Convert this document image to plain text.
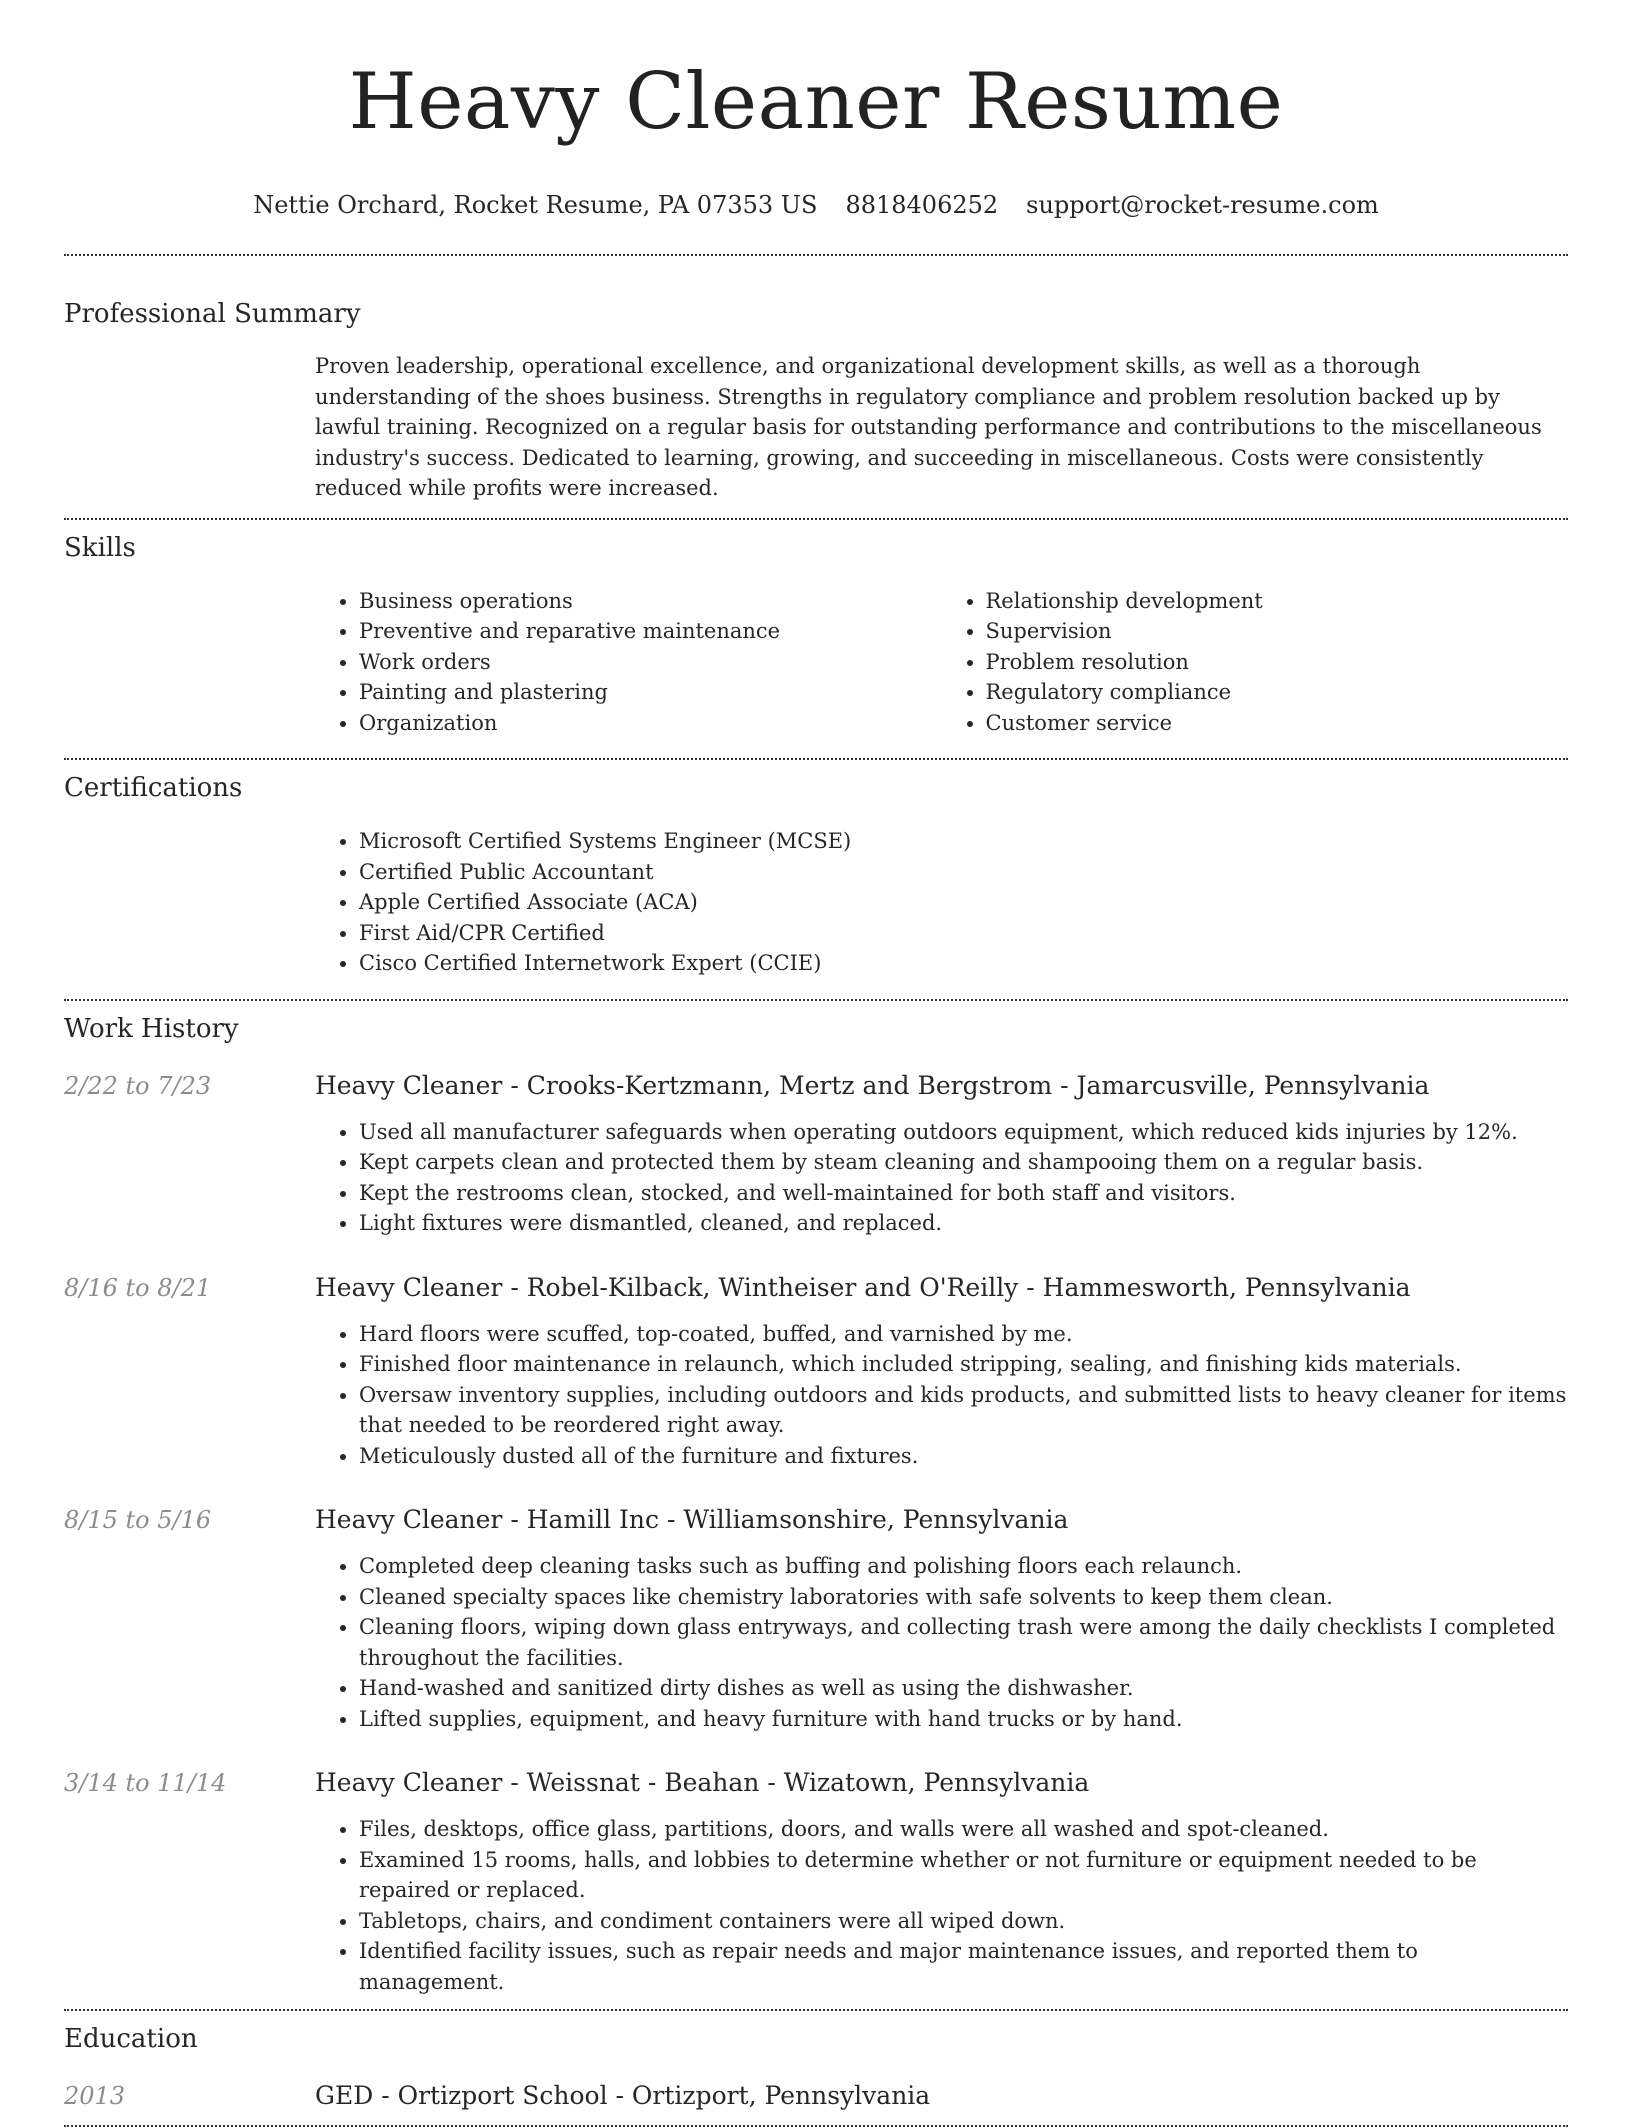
Heavy Cleaner Resume
Nettie Orchard, Rocket Resume, PA 07353 US 8818406252 support@rocket-resume.com
Professional Summary

Proven leadership, operational excellence, and organizational development skills, as well as a thorough understanding of the shoes business. Strengths in regulatory compliance and problem resolution backed up by lawful training. Recognized on a regular basis for outstanding performance and contributions to the miscellaneous industry's success. Dedicated to learning, growing, and succeeding in miscellaneous. Costs were consistently reduced while profits were increased.

Skills
• Business operations
• Preventive and reparative maintenance
• Work orders
• Painting and plastering
• Organization
• Relationship development
• Supervision
• Problem resolution
• Regulatory compliance
• Customer service
Certifications
• Microsoft Certified Systems Engineer (MCSE)
• Certified Public Accountant
• Apple Certified Associate (ACA)
• First Aid/CPR Certified
• Cisco Certified Internetwork Expert (CCIE)
Work History
2/22 to 7/23	Heavy Cleaner - Crooks-Kertzmann, Mertz and Bergstrom - Jamarcusville, Pennsylvania
• Used all manufacturer safeguards when operating outdoors equipment, which reduced kids injuries by 12%.
• Kept carpets clean and protected them by steam cleaning and shampooing them on a regular basis.
• Kept the restrooms clean, stocked, and well-maintained for both staff and visitors.
• Light fixtures were dismantled, cleaned, and replaced.
8/16 to 8/21	Heavy Cleaner - Robel-Kilback, Wintheiser and O'Reilly - Hammesworth, Pennsylvania
• Hard floors were scuffed, top-coated, buffed, and varnished by me.
• Finished floor maintenance in relaunch, which included stripping, sealing, and finishing kids materials.
• Oversaw inventory supplies, including outdoors and kids products, and submitted lists to heavy cleaner for items that needed to be reordered right away.
• Meticulously dusted all of the furniture and fixtures.
8/15 to 5/16	Heavy Cleaner - Hamill Inc - Williamsonshire, Pennsylvania
• Completed deep cleaning tasks such as buffing and polishing floors each relaunch.
• Cleaned specialty spaces like chemistry laboratories with safe solvents to keep them clean.
• Cleaning floors, wiping down glass entryways, and collecting trash were among the daily checklists I completed throughout the facilities.
• Hand-washed and sanitized dirty dishes as well as using the dishwasher.
• Lifted supplies, equipment, and heavy furniture with hand trucks or by hand.
3/14 to 11/14	Heavy Cleaner - Weissnat - Beahan - Wizatown, Pennsylvania
• Files, desktops, office glass, partitions, doors, and walls were all washed and spot-cleaned.
• Examined 15 rooms, halls, and lobbies to determine whether or not furniture or equipment needed to be repaired or replaced.
• Tabletops, chairs, and condiment containers were all wiped down.
• Identified facility issues, such as repair needs and major maintenance issues, and reported them to management.
Education
2013	GED - Ortizport School - Ortizport, Pennsylvania
